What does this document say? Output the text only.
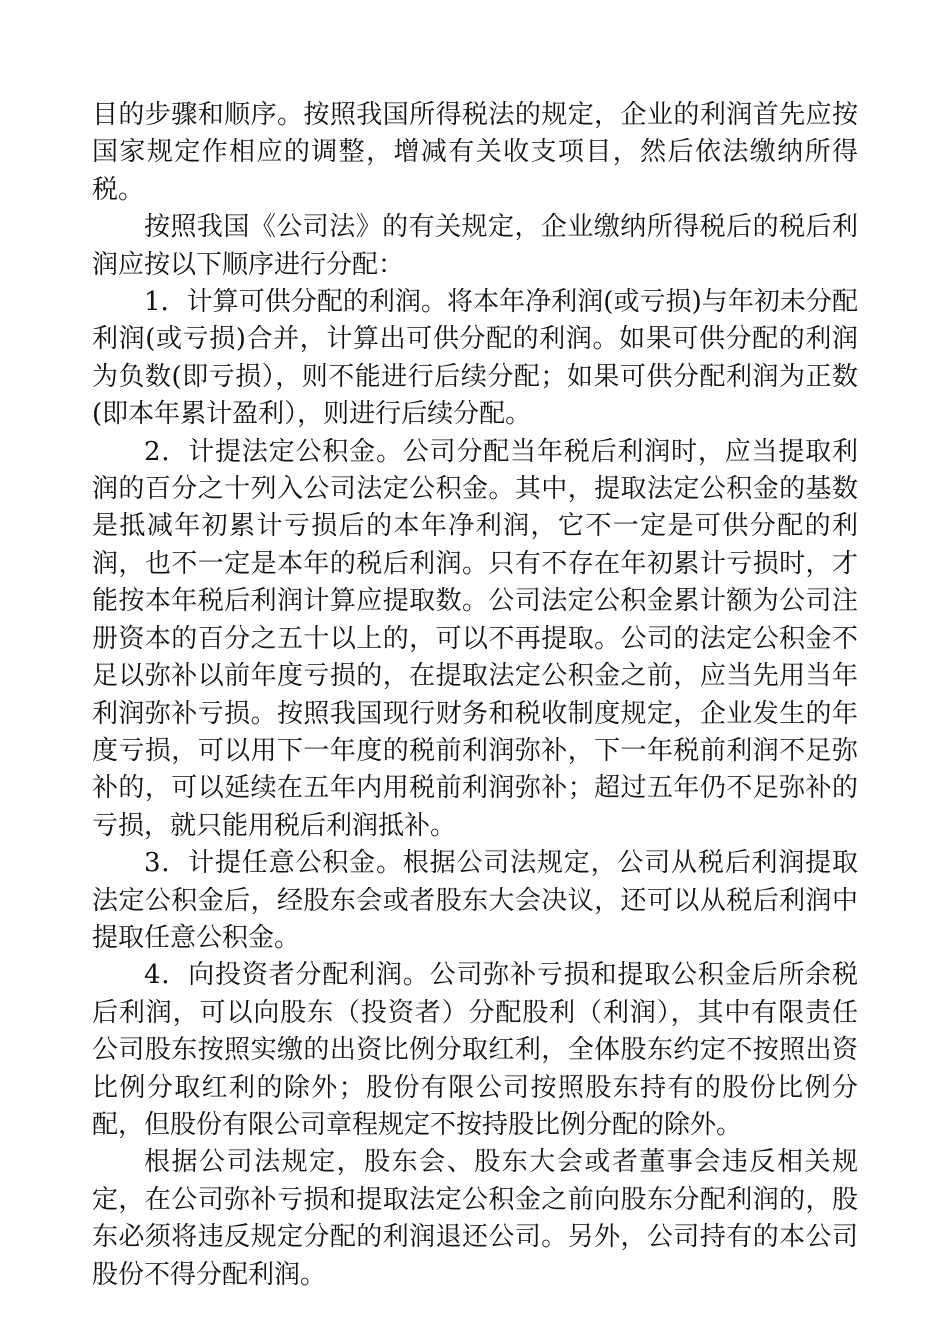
目的步骤和顺序。按照我国所得税法的规定，企业的利润首先应按国家规定作相应的调整，增减有关收支项目，然后依法缴纳所得税。

按照我国《公司法》的有关规定，企业缴纳所得税后的税后利润应按以下顺序进行分配：

1．计算可供分配的利润。将本年净利润(或亏损)与年初未分配利润(或亏损)合并，计算出可供分配的利润。如果可供分配的利润为负数(即亏损），则不能进行后续分配；如果可供分配利润为正数(即本年累计盈利），则进行后续分配。

2．计提法定公积金。公司分配当年税后利润时，应当提取利润的百分之十列入公司法定公积金。其中，提取法定公积金的基数是抵减年初累计亏损后的本年净利润，它不一定是可供分配的利润，也不一定是本年的税后利润。只有不存在年初累计亏损时，才能按本年税后利润计算应提取数。公司法定公积金累计额为公司注册资本的百分之五十以上的，可以不再提取。公司的法定公积金不足以弥补以前年度亏损的，在提取法定公积金之前，应当先用当年利润弥补亏损。按照我国现行财务和税收制度规定，企业发生的年度亏损，可以用下一年度的税前利润弥补，下一年税前利润不足弥补的，可以延续在五年内用税前利润弥补；超过五年仍不足弥补的亏损，就只能用税后利润抵补。

3．计提任意公积金。根据公司法规定，公司从税后利润提取法定公积金后，经股东会或者股东大会决议，还可以从税后利润中提取任意公积金。

4．向投资者分配利润。公司弥补亏损和提取公积金后所余税后利润，可以向股东（投资者）分配股利（利润），其中有限责任公司股东按照实缴的出资比例分取红利，全体股东约定不按照出资比例分取红利的除外；股份有限公司按照股东持有的股份比例分配，但股份有限公司章程规定不按持股比例分配的除外。

根据公司法规定，股东会、股东大会或者董事会违反相关规定，在公司弥补亏损和提取法定公积金之前向股东分配利润的，股东必须将违反规定分配的利润退还公司。另外，公司持有的本公司股份不得分配利润。
